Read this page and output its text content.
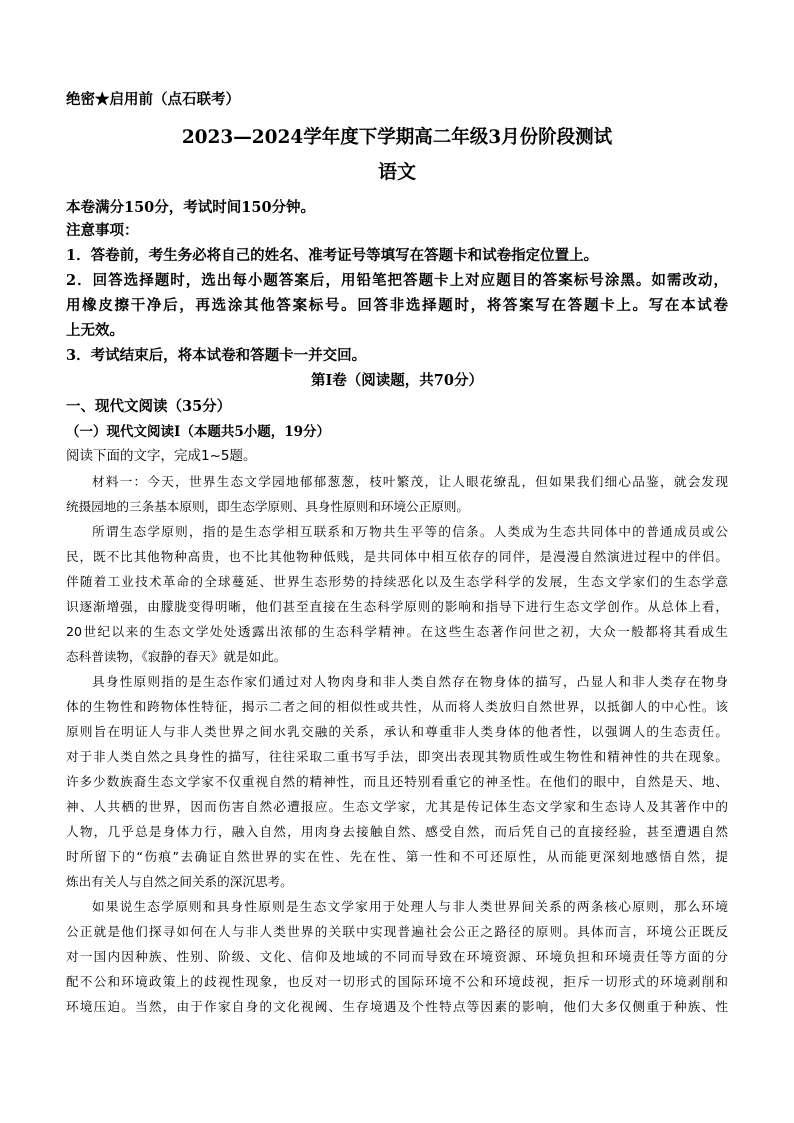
绝密★启用前（点石联考）
2023—2024学年度下学期高二年级3月份阶段测试
语文
本卷满分150分，考试时间150分钟。
注意事项：
1．答卷前，考生务必将自己的姓名、准考证号等填写在答题卡和试卷指定位置上。
2．回答选择题时，选出每小题答案后，用铅笔把答题卡上对应题目的答案标号涂黑。如需改动，
用橡皮擦干净后，再选涂其他答案标号。回答非选择题时，将答案写在答题卡上。写在本试卷
上无效。
3．考试结束后，将本试卷和答题卡一并交回。
第Ⅰ卷（阅读题，共70分）
一、现代文阅读（35分）
（一）现代文阅读Ⅰ（本题共5小题，19分）
阅读下面的文字，完成1~5题。
材料一：今天，世界生态文学园地郁郁葱葱，枝叶繁茂，让人眼花缭乱，但如果我们细心品鉴，就会发现
统摄园地的三条基本原则，即生态学原则、具身性原则和环境公正原则。
所谓生态学原则，指的是生态学相互联系和万物共生平等的信条。人类成为生态共同体中的普通成员或公
民，既不比其他物种高贵，也不比其他物种低贱，是共同体中相互依存的同伴，是漫漫自然演进过程中的伴侣。
伴随着工业技术革命的全球蔓延、世界生态形势的持续恶化以及生态学科学的发展，生态文学家们的生态学意
识逐渐增强，由朦胧变得明晰，他们甚至直接在生态科学原则的影响和指导下进行生态文学创作。从总体上看，
20世纪以来的生态文学处处透露出浓郁的生态科学精神。在这些生态著作问世之初，大众一般都将其看成生
态科普读物，《寂静的春天》就是如此。
具身性原则指的是生态作家们通过对人物肉身和非人类自然存在物身体的描写，凸显人和非人类存在物身
体的生物性和跨物体性特征，揭示二者之间的相似性或共性，从而将人类放归自然世界，以抵御人的中心性。该
原则旨在明证人与非人类世界之间水乳交融的关系，承认和尊重非人类身体的他者性，以强调人的生态责任。
对于非人类自然之具身性的描写，往往采取二重书写手法，即突出表现其物质性或生物性和精神性的共在现象。
许多少数族裔生态文学家不仅重视自然的精神性，而且还特别看重它的神圣性。在他们的眼中，自然是天、地、
神、人共栖的世界，因而伤害自然必遭报应。生态文学家，尤其是传记体生态文学家和生态诗人及其著作中的
人物，几乎总是身体力行，融入自然，用肉身去接触自然、感受自然，而后凭自己的直接经验，甚至遭遇自然
时所留下的“伤痕”去确证自然世界的实在性、先在性、第一性和不可还原性，从而能更深刻地感悟自然，提
炼出有关人与自然之间关系的深沉思考。
如果说生态学原则和具身性原则是生态文学家用于处理人与非人类世界间关系的两条核心原则，那么环境
公正就是他们探寻如何在人与非人类世界的关联中实现普遍社会公正之路径的原则。具体而言，环境公正既反
对一国内因种族、性别、阶级、文化、信仰及地域的不同而导致在环境资源、环境负担和环境责任等方面的分
配不公和环境政策上的歧视性现象，也反对一切形式的国际环境不公和环境歧视，拒斥一切形式的环境剥削和
环境压迫。当然，由于作家自身的文化视阈、生存境遇及个性特点等因素的影响，他们大多仅侧重于种族、性
